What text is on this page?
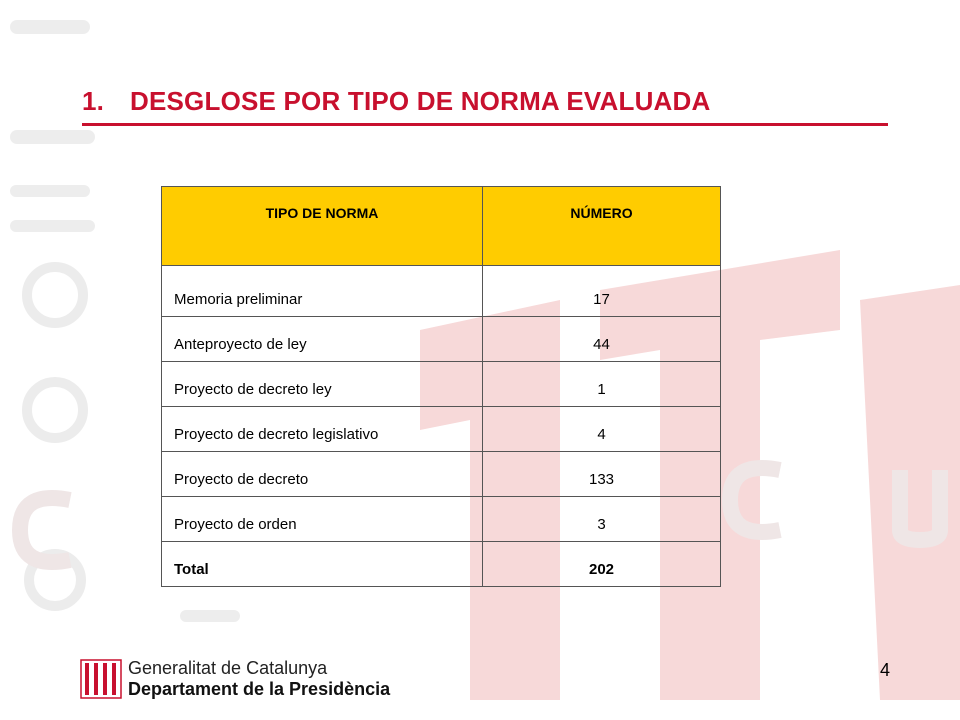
1. DESGLOSE POR TIPO DE NORMA EVALUADA
TIPO DE NORMA	NÚMERO
Memoria preliminar	17
Anteproyecto de ley	44
Proyecto de decreto ley	1
Proyecto de decreto legislativo	4
Proyecto de decreto	133
Proyecto de orden	3
Total	202
Generalitat de Catalunya
Departament de la Presidència
4
